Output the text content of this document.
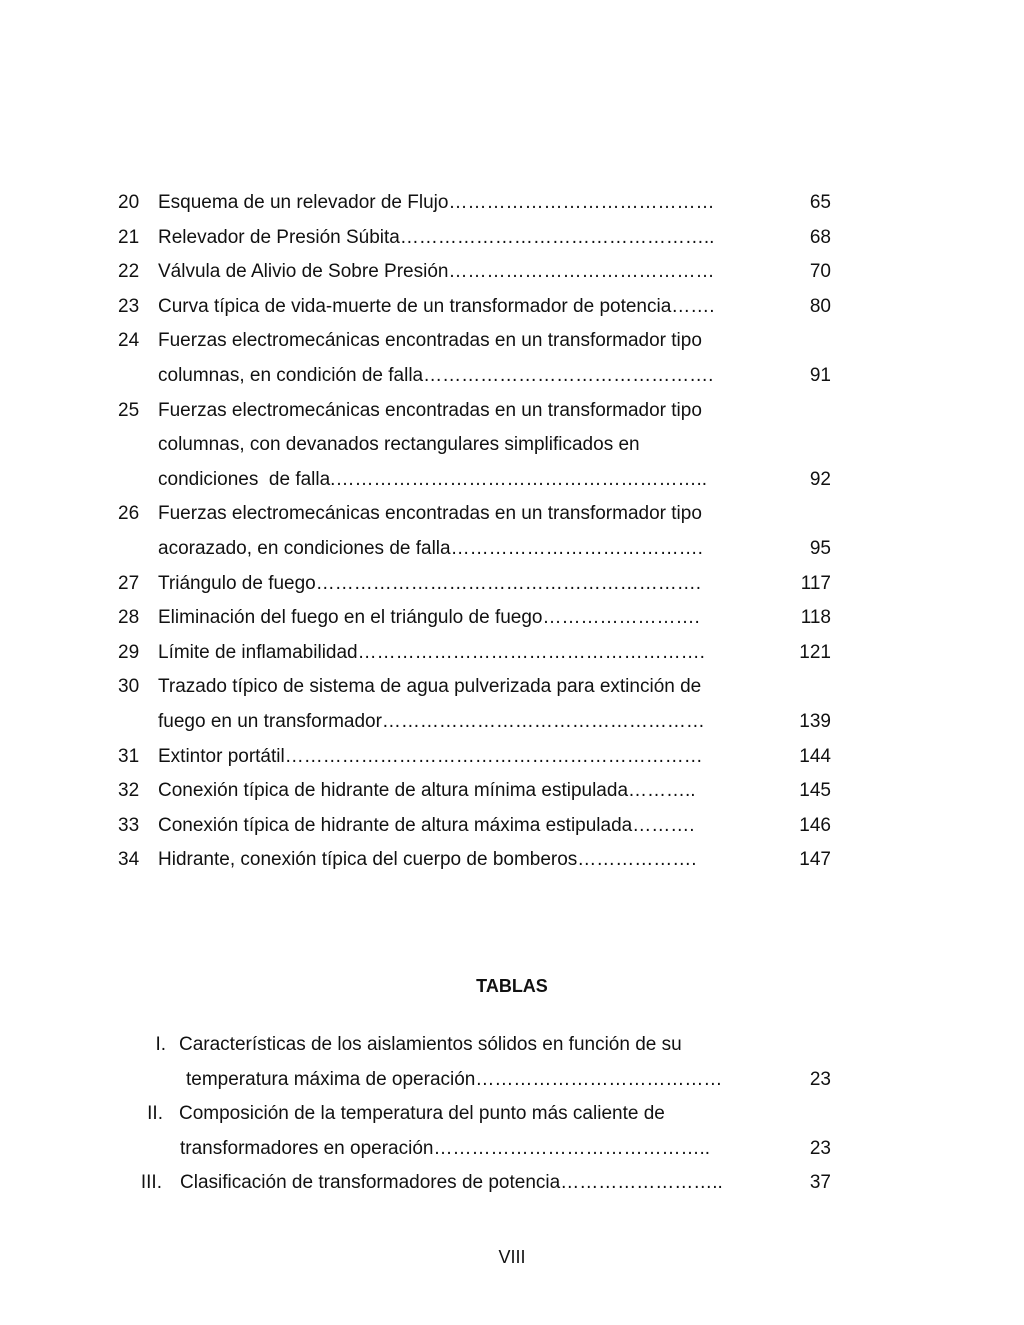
20 Esquema de un relevador de Flujo……………………………………	65
21 Relevador de Presión Súbita…………………………………………..	68
22 Válvula de Alivio de Sobre Presión……………………………………	70
23 Curva típica de vida-muerte de un transformador de potencia…….	80
24 Fuerzas electromecánicas encontradas en un transformador tipo
columnas, en condición de falla……………………………………….	91
25 Fuerzas electromecánicas encontradas en un transformador tipo
columnas, con devanados rectangulares simplificados en
condiciones  de falla.…………………………………………………..	92
26 Fuerzas electromecánicas encontradas en un transformador tipo
acorazado, en condiciones de falla………………………………….	95
27 Triángulo de fuego…………………………………………………….	117
28 Eliminación del fuego en el triángulo de fuego…………………….	118
29 Límite de inflamabilidad……………………………………………….	121
30 Trazado típico de sistema de agua pulverizada para extinción de
fuego en un transformador……………………………………………	139
31 Extintor portátil…………………………………………………………	144
32 Conexión típica de hidrante de altura mínima estipulada………..	145
33 Conexión típica de hidrante de altura máxima estipulada……….	146
34 Hidrante, conexión típica del cuerpo de bomberos……………….	147
TABLAS
I. Características de los aislamientos sólidos en función de su
temperatura máxima de operación…………………………………	23
II. Composición de la temperatura del punto más caliente de
transformadores en operación……………………………………..	23
III. Clasificación de transformadores de potencia……………………..	37
VIII
